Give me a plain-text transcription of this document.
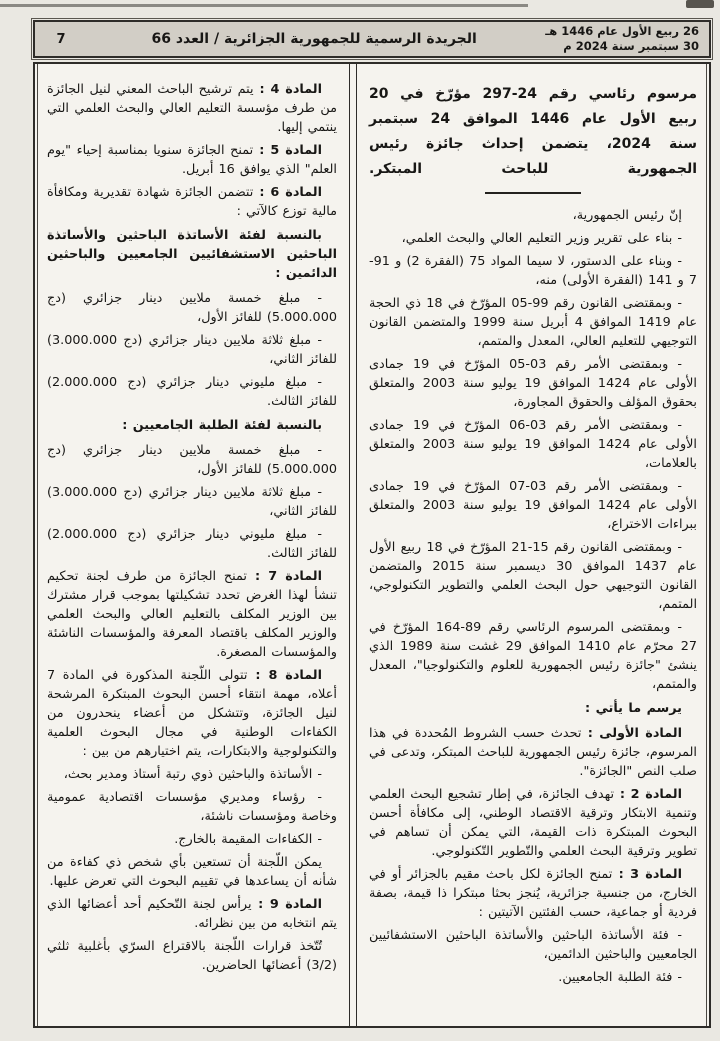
26 ربيع الأول عام 1446 هـ
30 سبتمبر سنة 2024 م
الجريدة الرسمية للجمهورية الجزائرية / العدد 66
7

مرسوم رئاسي رقم 24-297 مؤرّخ في 20 ربيع الأول عام 1446 الموافق 24 سبتمبر سنة 2024، يتضمن إحداث جائزة رئيس الجمهورية للباحث المبتكر.

إنّ رئيس الجمهورية،

- بناء على تقرير وزير التعليم العالي والبحث العلمي،

- وبناء على الدستور، لا سيما المواد 75 (الفقرة 2) و 91-7 و 141 (الفقرة الأولى) منه،

- وبمقتضى القانون رقم 99-05 المؤرّخ في 18 ذي الحجة عام 1419 الموافق 4 أبريل سنة 1999 والمتضمن القانون التوجيهي للتعليم العالي، المعدل والمتمم،

- وبمقتضى الأمر رقم 03-05 المؤرّخ في 19 جمادى الأولى عام 1424 الموافق 19 يوليو سنة 2003 والمتعلق بحقوق المؤلف والحقوق المجاورة،

- وبمقتضى الأمر رقم 03-06 المؤرّخ في 19 جمادى الأولى عام 1424 الموافق 19 يوليو سنة 2003 والمتعلق بالعلامات،

- وبمقتضى الأمر رقم 03-07 المؤرّخ في 19 جمادى الأولى عام 1424 الموافق 19 يوليو سنة 2003 والمتعلق ببراءات الاختراع،

- وبمقتضى القانون رقم 15-21 المؤرّخ في 18 ربيع الأول عام 1437 الموافق 30 ديسمبر سنة 2015 والمتضمن القانون التوجيهي حول البحث العلمي والتطوير التكنولوجي، المتمم،

- وبمقتضى المرسوم الرئاسي رقم 89-164 المؤرّخ في 27 محرّم عام 1410 الموافق 29 غشت سنة 1989 الذي ينشئ "جائزة رئيس الجمهورية للعلوم والتكنولوجيا"، المعدل والمتمم،

يرسم ما يأتي :

المادة الأولى : تحدث حسب الشروط المُحددة في هذا المرسوم، جائزة رئيس الجمهورية للباحث المبتكر، وتدعى في صلب النص "الجائزة".

المادة 2 : تهدف الجائزة، في إطار تشجيع البحث العلمي وتنمية الابتكار وترقية الاقتصاد الوطني، إلى مكافأة أحسن البحوث المبتكرة ذات القيمة، التي يمكن أن تساهم في تطوير وترقية البحث العلمي والتّطوير التّكنولوجي.

المادة 3 : تمنح الجائزة لكل باحث مقيم بالجزائر أو في الخارج، من جنسية جزائرية، يُنجز بحثا مبتكرا ذا قيمة، بصفة فردية أو جماعية، حسب الفئتين الآتيتين :

- فئة الأساتذة الباحثين والأساتذة الباحثين الاستشفائيين الجامعيين والباحثين الدائمين،

- فئة الطلبة الجامعيين.

المادة 4 : يتم ترشيح الباحث المعني لنيل الجائزة من طرف مؤسسة التعليم العالي والبحث العلمي التي ينتمي إليها.

المادة 5 : تمنح الجائزة سنويا بمناسبة إحياء "يوم العلم" الذي يوافق 16 أبريل.

المادة 6 : تتضمن الجائزة شهادة تقديرية ومكافأة مالية توزع كالآتي :

بالنسبة لفئة الأساتذة الباحثين والأساتذة الباحثين الاستشفائيين الجامعيين والباحثين الدائمين :

- مبلغ خمسة ملايين دينار جزائري (دج 5.000.000) للفائز الأول،

- مبلغ ثلاثة ملايين دينار جزائري (دج 3.000.000) للفائز الثاني،

- مبلغ مليوني دينار جزائري (دج 2.000.000) للفائز الثالث.

بالنسبة لفئة الطلبة الجامعيين :

- مبلغ خمسة ملايين دينار جزائري (دج 5.000.000) للفائز الأول،

- مبلغ ثلاثة ملايين دينار جزائري (دج 3.000.000) للفائز الثاني،

- مبلغ مليوني دينار جزائري (دج 2.000.000) للفائز الثالث.

المادة 7 : تمنح الجائزة من طرف لجنة تحكيم تنشأ لهذا الغرض تحدد تشكيلتها بموجب قرار مشترك بين الوزير المكلف بالتعليم العالي والبحث العلمي والوزير المكلف باقتصاد المعرفة والمؤسسات الناشئة والمؤسسات المصغرة.

المادة 8 : تتولى اللّجنة المذكورة في المادة 7 أعلاه، مهمة انتقاء أحسن البحوث المبتكرة المرشحة لنيل الجائزة، وتتشكل من أعضاء ينحدرون من الكفاءات الوطنية في مجال البحوث العلمية والتكنولوجية والابتكارات، يتم اختيارهم من بين :

- الأساتذة والباحثين ذوي رتبة أستاذ ومدير بحث،

- رؤساء ومديري مؤسسات اقتصادية عمومية وخاصة ومؤسسات ناشئة،

- الكفاءات المقيمة بالخارج.

يمكن اللّجنة أن تستعين بأي شخص ذي كفاءة من شأنه أن يساعدها في تقييم البحوث التي تعرض عليها.

المادة 9 : يرأس لجنة التّحكيم أحد أعضائها الذي يتم انتخابه من بين نظرائه.

تُتّخذ قرارات اللّجنة بالاقتراع السرّي بأغلبية ثلثي (3/2) أعضائها الحاضرين.
